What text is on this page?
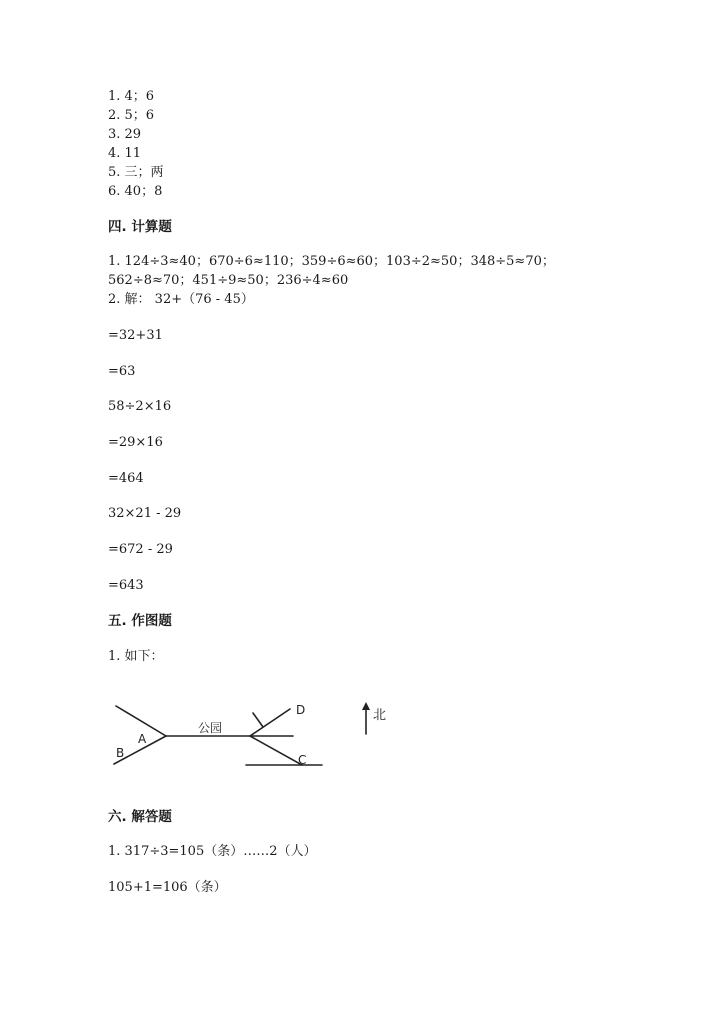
1. 4；6
2. 5；6
3. 29
4. 11
5. 三；两
6. 40；8
四. 计算题
1. 124÷3≈40；670÷6≈110；359÷6≈60；103÷2≈50；348÷5≈70；
562÷8≈70；451÷9≈50；236÷4≈60
2. 解： 32+（76 - 45）
=32+31
=63
58÷2×16
=29×16
=464
32×21 - 29
=672 - 29
=643
五. 作图题
1. 如下：
公园
A
B	C
D	北
六. 解答题
1. 317÷3=105（条）……2（人）
105+1=106（条）
